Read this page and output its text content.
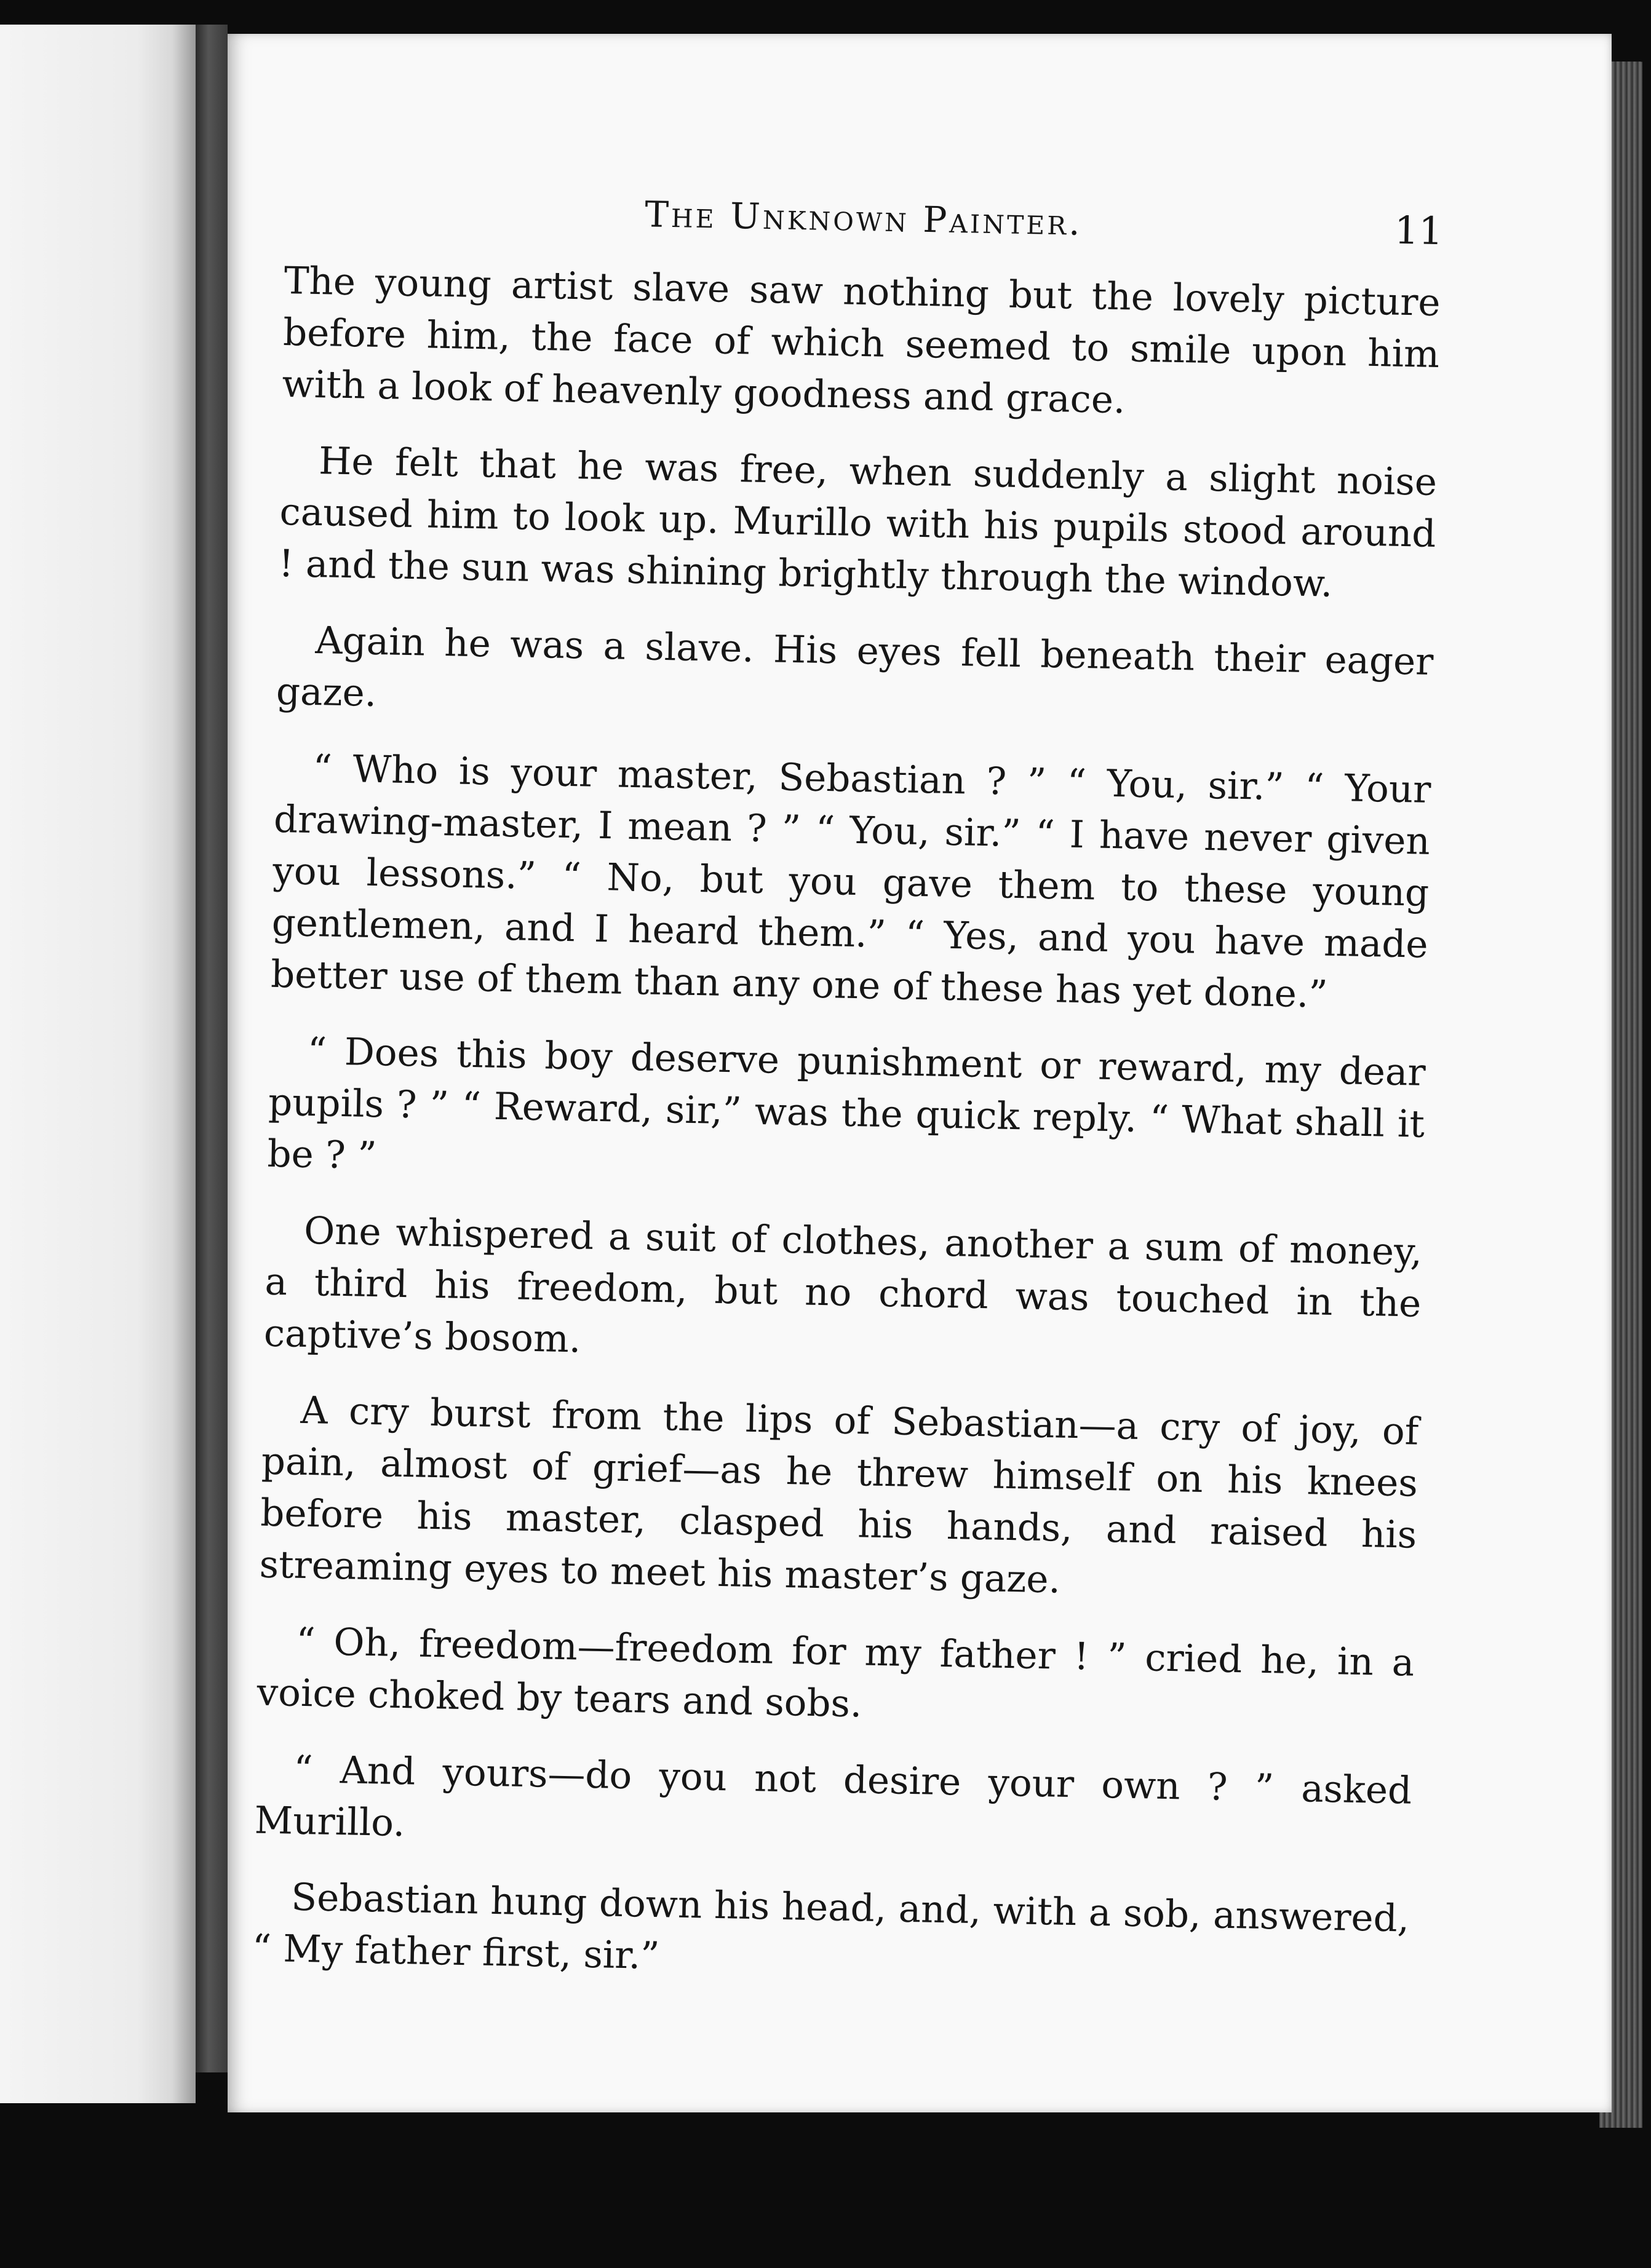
The Unknown Painter.	11

The young artist slave saw nothing but the lovely picture before him, the face of which seemed to smile upon him with a look of heavenly goodness and grace.

He felt that he was free, when suddenly a slight noise caused him to look up. Murillo with his pupils stood around ! and the sun was shining brightly through the window.

Again he was a slave. His eyes fell beneath their eager gaze.

“ Who is your master, Sebastian ? ” “ You, sir.” “ Your drawing-master, I mean ? ” “ You, sir.” “ I have never given you lessons.” “ No, but you gave them to these young gentlemen, and I heard them.” “ Yes, and you have made better use of them than any one of these has yet done.”

“ Does this boy deserve punishment or reward, my dear pupils ? ” “ Reward, sir,” was the quick reply. “ What shall it be ? ”

One whispered a suit of clothes, another a sum of money, a third his freedom, but no chord was touched in the captive’s bosom.

A cry burst from the lips of Sebastian—a cry of joy, of pain, almost of grief—as he threw himself on his knees before his master, clasped his hands, and raised his streaming eyes to meet his master’s gaze.

“ Oh, freedom—freedom for my father ! ” cried he, in a voice choked by tears and sobs.

“ And yours—do you not desire your own ? ” asked Murillo.

Sebastian hung down his head, and, with a sob, answered, “ My father first, sir.”
